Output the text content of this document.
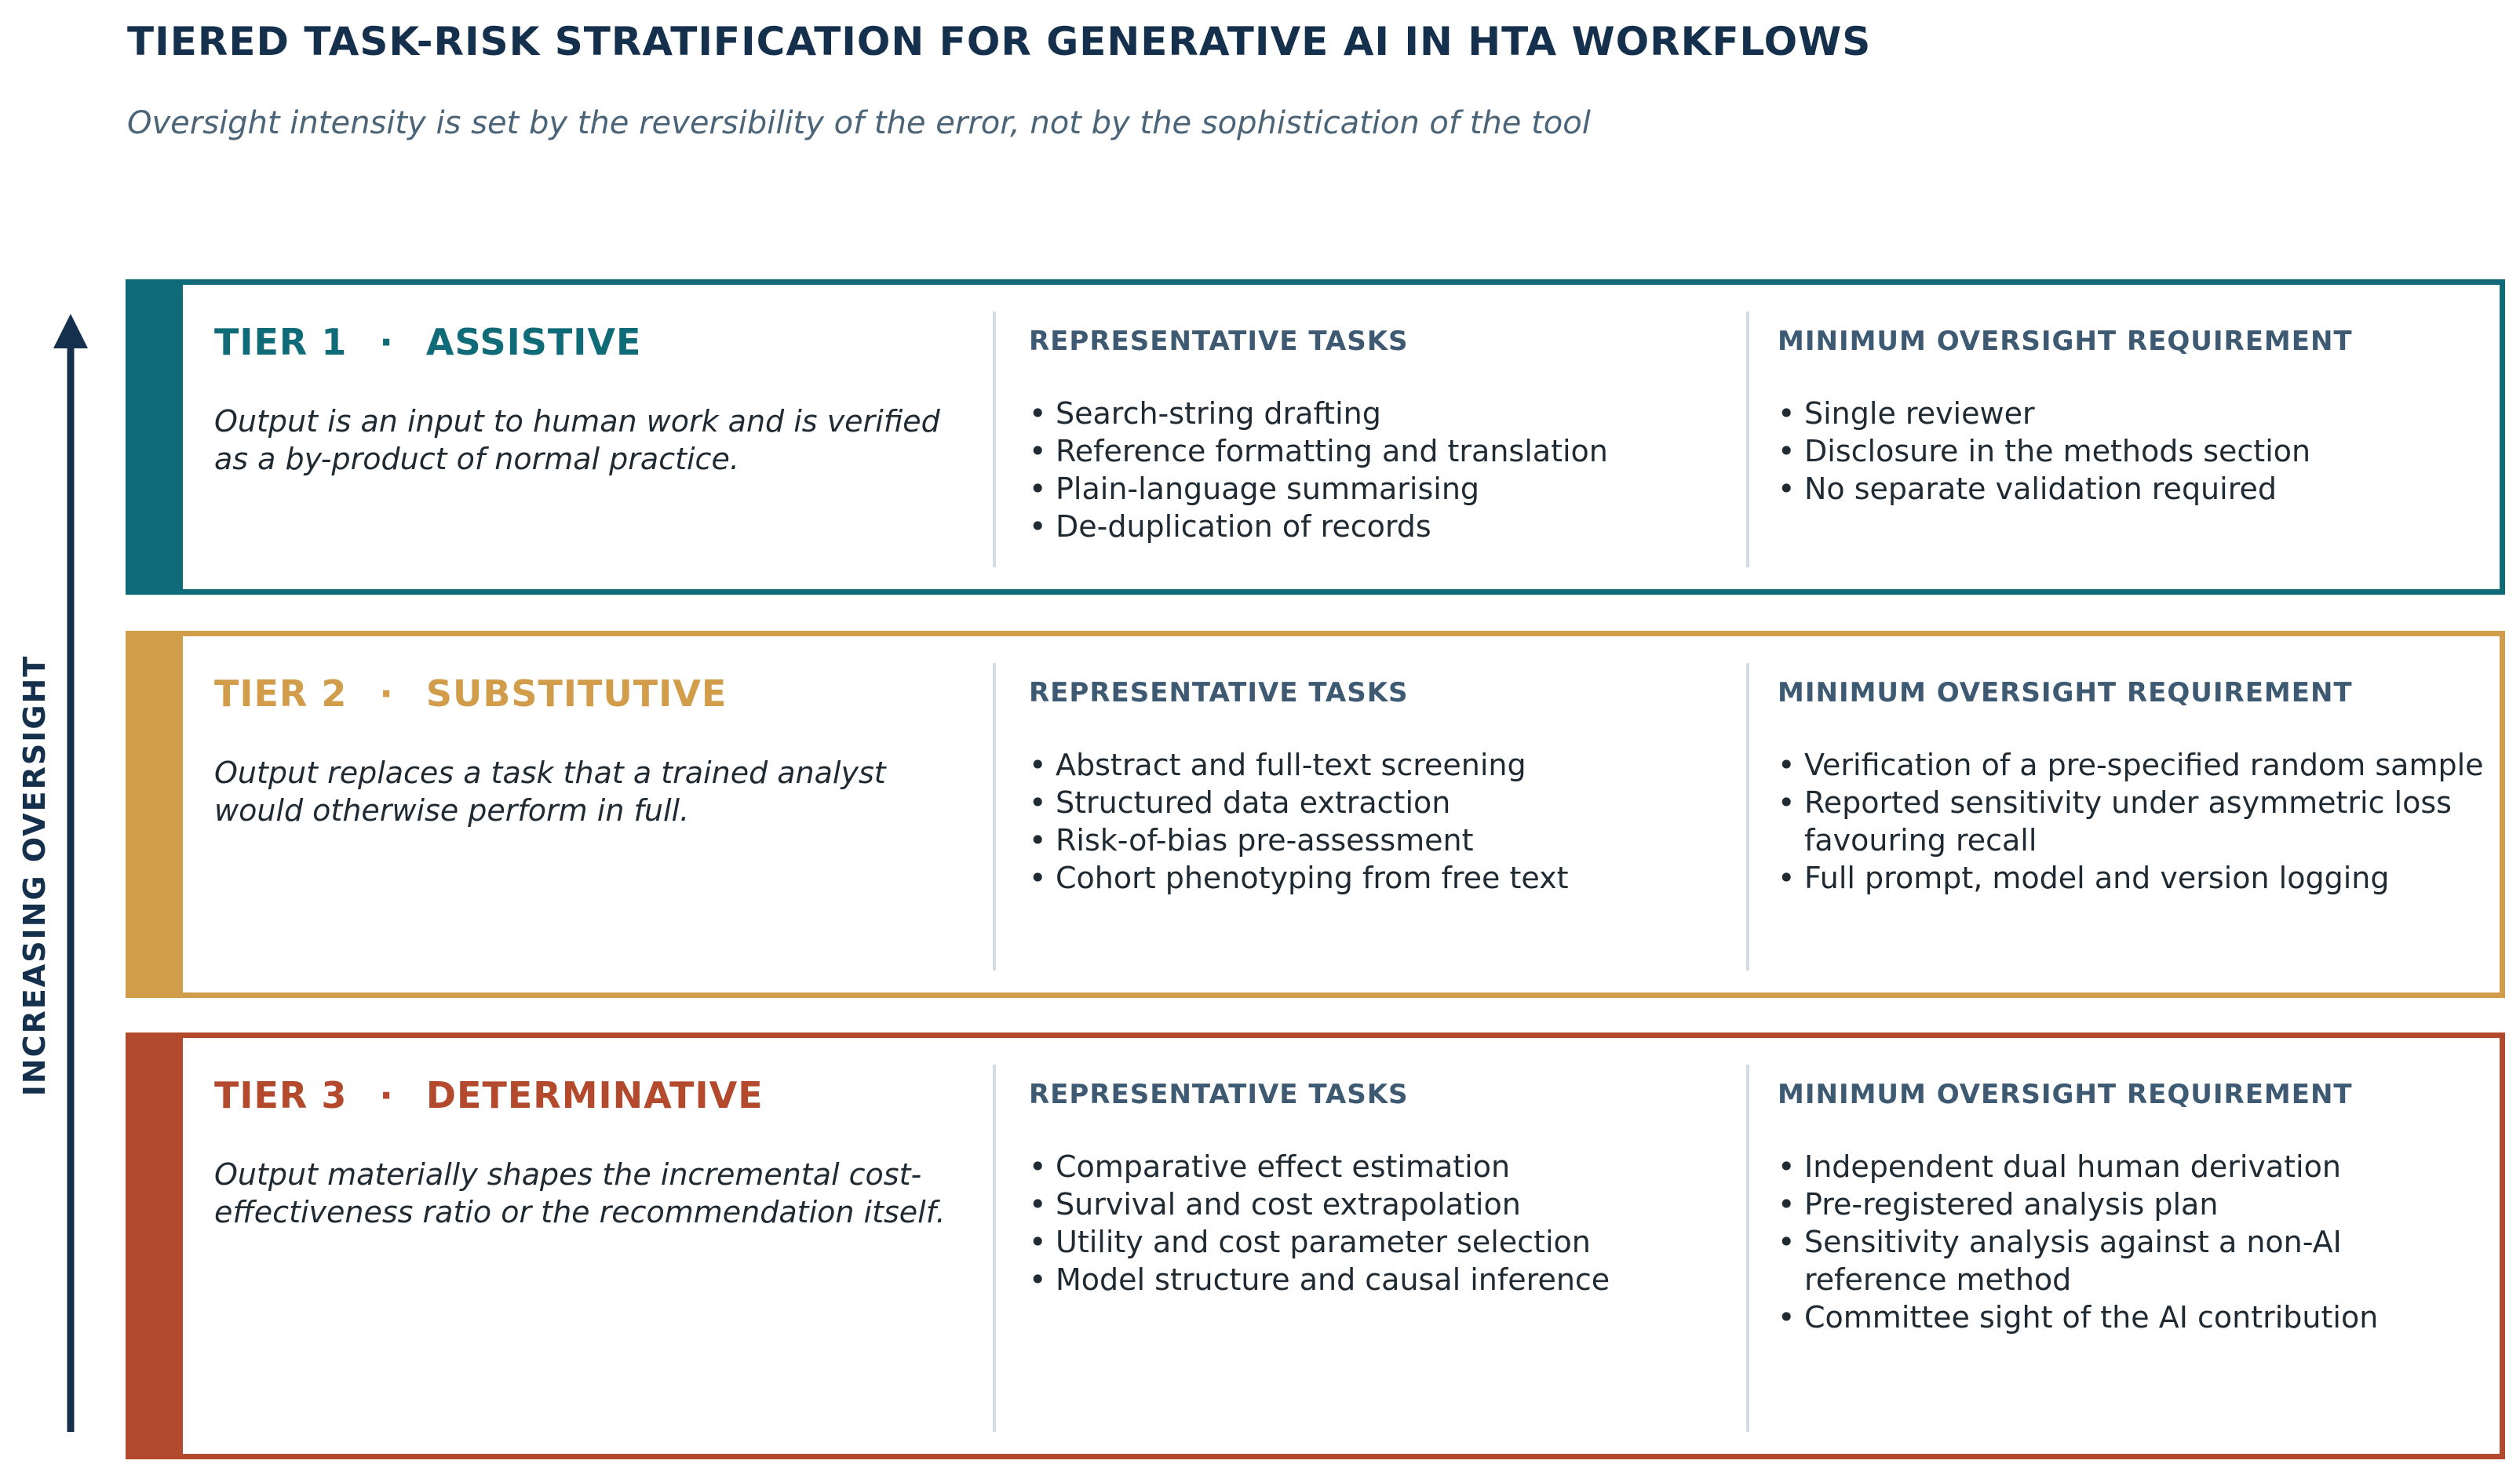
TIERED TASK-RISK STRATIFICATION FOR GENERATIVE AI IN HTA WORKFLOWS
Oversight intensity is set by the reversibility of the error, not by the sophistication of the tool
INCREASING OVERSIGHT
TIER 1 · ASSISTIVE
Output is an input to human work and is verified as a by-product of normal practice.
REPRESENTATIVE TASKS
• Search-string drafting
• Reference formatting and translation
• Plain-language summarising
• De-duplication of records
MINIMUM OVERSIGHT REQUIREMENT
• Single reviewer
• Disclosure in the methods section
• No separate validation required
TIER 2 · SUBSTITUTIVE
Output replaces a task that a trained analyst would otherwise perform in full.
REPRESENTATIVE TASKS
• Abstract and full-text screening
• Structured data extraction
• Risk-of-bias pre-assessment
• Cohort phenotyping from free text
MINIMUM OVERSIGHT REQUIREMENT
• Verification of a pre-specified random sample
• Reported sensitivity under asymmetric loss favouring recall
• Full prompt, model and version logging
TIER 3 · DETERMINATIVE
Output materially shapes the incremental cost-effectiveness ratio or the recommendation itself.
REPRESENTATIVE TASKS
• Comparative effect estimation
• Survival and cost extrapolation
• Utility and cost parameter selection
• Model structure and causal inference
MINIMUM OVERSIGHT REQUIREMENT
• Independent dual human derivation
• Pre-registered analysis plan
• Sensitivity analysis against a non-AI reference method
• Committee sight of the AI contribution
